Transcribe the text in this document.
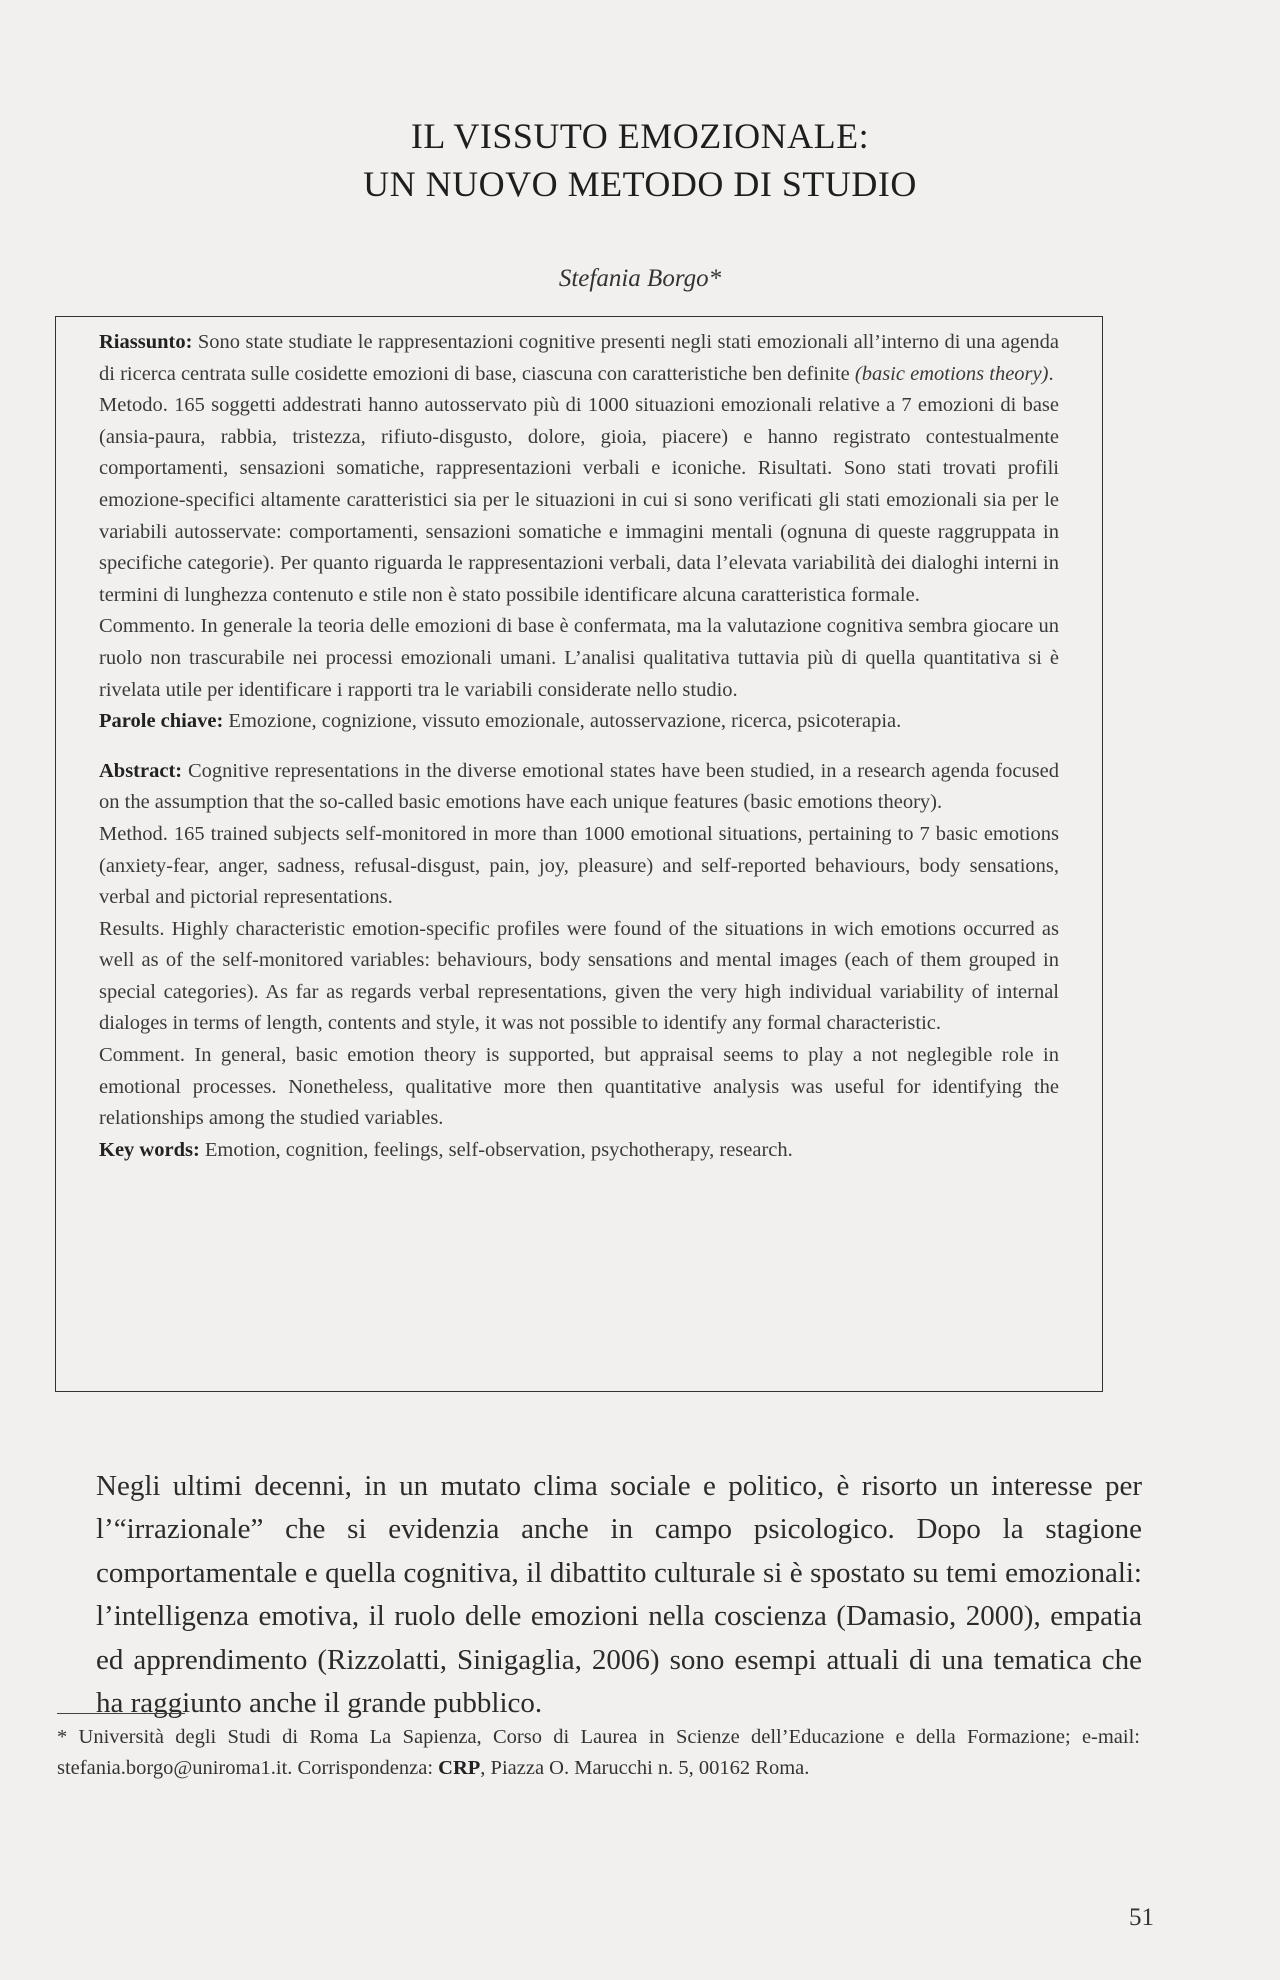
IL VISSUTO EMOZIONALE:
UN NUOVO METODO DI STUDIO
Stefania Borgo*

Riassunto: Sono state studiate le rappresentazioni cognitive presenti negli stati emozionali all’interno di una agenda di ricerca centrata sulle cosidette emozioni di base, ciascuna con caratteristiche ben definite (basic emotions theory).

Metodo. 165 soggetti addestrati hanno autosservato più di 1000 situazioni emozionali relative a 7 emozioni di base (ansia-paura, rabbia, tristezza, rifiuto-disgusto, dolore, gioia, piacere) e hanno registrato contestualmente comportamenti, sensazioni somatiche, rappresentazioni verbali e iconiche. Risultati. Sono stati trovati profili emozione-specifici altamente caratteristici sia per le situazioni in cui si sono verificati gli stati emozionali sia per le variabili autosservate: comportamenti, sensazioni somatiche e immagini mentali (ognuna di queste raggruppata in specifiche categorie). Per quanto riguarda le rappresentazioni verbali, data l’elevata variabilità dei dialoghi interni in termini di lunghezza contenuto e stile non è stato possibile identificare alcuna caratteristica formale.

Commento. In generale la teoria delle emozioni di base è confermata, ma la valutazione cognitiva sembra giocare un ruolo non trascurabile nei processi emozionali umani. L’analisi qualitativa tuttavia più di quella quantitativa si è rivelata utile per identificare i rapporti tra le variabili considerate nello studio.

Parole chiave: Emozione, cognizione, vissuto emozionale, autosservazione, ricerca, psicoterapia.

Abstract: Cognitive representations in the diverse emotional states have been studied, in a research agenda focused on the assumption that the so-called basic emotions have each unique features (basic emotions theory).

Method. 165 trained subjects self-monitored in more than 1000 emotional situations, pertaining to 7 basic emotions (anxiety-fear, anger, sadness, refusal-disgust, pain, joy, pleasure) and self-reported behaviours, body sensations, verbal and pictorial representations.

Results. Highly characteristic emotion-specific profiles were found of the situations in wich emotions occurred as well as of the self-monitored variables: behaviours, body sensations and mental images (each of them grouped in special categories). As far as regards verbal representations, given the very high individual variability of internal dialoges in terms of length, contents and style, it was not possible to identify any formal characteristic.

Comment. In general, basic emotion theory is supported, but appraisal seems to play a not neglegible role in emotional processes. Nonetheless, qualitative more then quantitative analysis was useful for identifying the relationships among the studied variables.

Key words: Emotion, cognition, feelings, self-observation, psychotherapy, research.

Negli ultimi decenni, in un mutato clima sociale e politico, è risorto un interesse per l’“irrazionale” che si evidenzia anche in campo psicologico. Dopo la stagione comportamentale e quella cognitiva, il dibattito culturale si è spostato su temi emozionali: l’intelligenza emotiva, il ruolo delle emozioni nella coscienza (Damasio, 2000), empatia ed apprendimento (Rizzolatti, Sinigaglia, 2006) sono esempi attuali di una tematica che ha raggiunto anche il grande pubblico.

* Università degli Studi di Roma La Sapienza, Corso di Laurea in Scienze dell’Educazione e della Formazione; e-mail: stefania.borgo@uniroma1.it. Corrispondenza: CRP, Piazza O. Marucchi n. 5, 00162 Roma.
51
